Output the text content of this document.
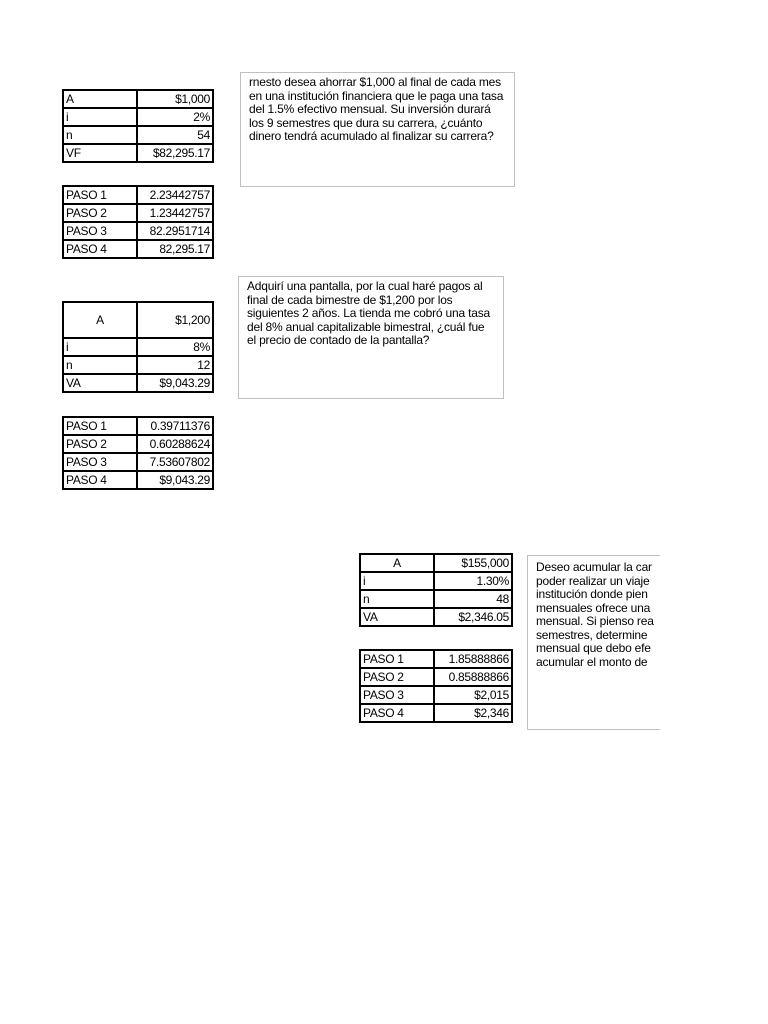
A	$1,000
i	2%
n	54
VF	$82,295.17
PASO 1	2.23442757
PASO 2	1.23442757
PASO 3	82.2951714
PASO 4	82,295.17
rnesto desea ahorrar $1,000 al final de cada mes en una institución financiera que le paga una tasa del 1.5% efectivo mensual. Su inversión durará los 9 semestres que dura su carrera, ¿cuánto dinero tendrá acumulado al finalizar su carrera?
A	$1,200
i	8%
n	12
VA	$9,043.29
PASO 1	0.39711376
PASO 2	0.60288624
PASO 3	7.53607802
PASO 4	$9,043.29
Adquirí una pantalla, por la cual haré pagos al final de cada bimestre de $1,200 por los siguientes 2 años. La tienda me cobró una tasa del 8% anual capitalizable bimestral, ¿cuál fue el precio de contado de la pantalla?
A	$155,000
i	1.30%
n	48
VA	$2,346.05
PASO 1	1.85888866
PASO 2	0.85888866
PASO 3	$2,015
PASO 4	$2,346
Deseo acumular la car
poder realizar un viaje
institución donde pien
mensuales ofrece una
mensual. Si pienso rea
semestres, determine
mensual que debo efe
acumular el monto de
